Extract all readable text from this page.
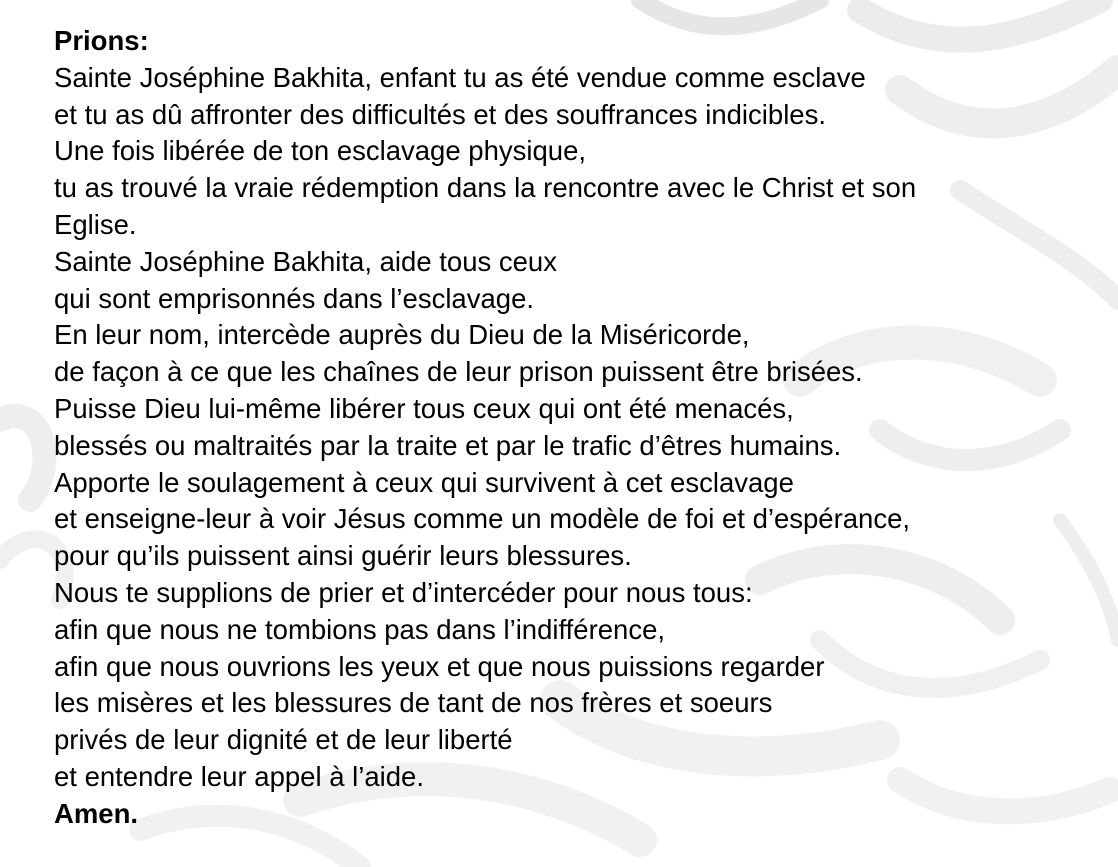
Prions:
Sainte Joséphine Bakhita, enfant tu as été vendue comme esclave
et tu as dû affronter des difficultés et des souffrances indicibles.
Une fois libérée de ton esclavage physique,
tu as trouvé la vraie rédemption dans la rencontre avec le Christ et son
Eglise.
Sainte Joséphine Bakhita, aide tous ceux
qui sont emprisonnés dans l’esclavage.
En leur nom, intercède auprès du Dieu de la Miséricorde,
de façon à ce que les chaînes de leur prison puissent être brisées.
Puisse Dieu lui-même libérer tous ceux qui ont été menacés,
blessés ou maltraités par la traite et par le trafic d’êtres humains.
Apporte le soulagement à ceux qui survivent à cet esclavage
et enseigne-leur à voir Jésus comme un modèle de foi et d’espérance,
pour qu’ils puissent ainsi guérir leurs blessures.
Nous te supplions de prier et d’intercéder pour nous tous:
afin que nous ne tombions pas dans l’indifférence,
afin que nous ouvrions les yeux et que nous puissions regarder
les misères et les blessures de tant de nos frères et soeurs
privés de leur dignité et de leur liberté
et entendre leur appel à l’aide.
Amen.
